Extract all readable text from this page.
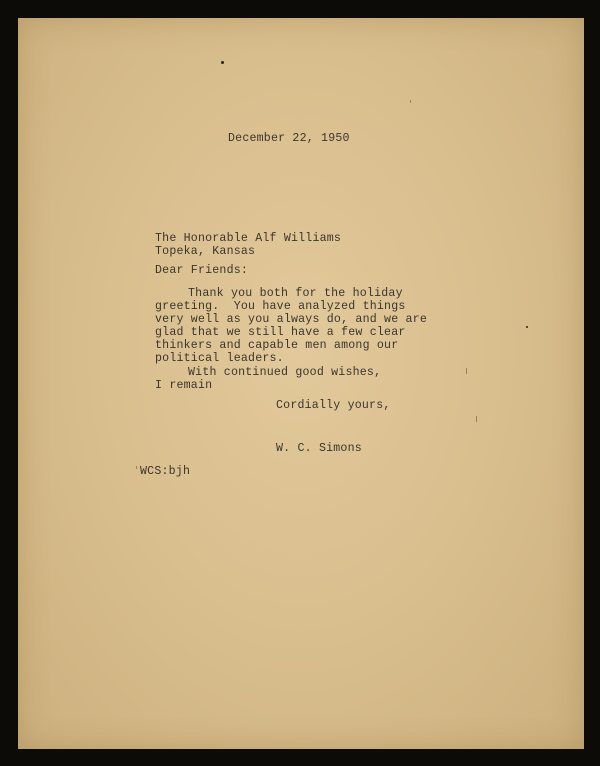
December 22, 1950
The Honorable Alf Williams
Topeka, Kansas
Dear Friends:
Thank you both for the holiday
greeting.  You have analyzed things
very well as you always do, and we are
glad that we still have a few clear
thinkers and capable men among our
political leaders.
With continued good wishes,
I remain
Cordially yours,
W. C. Simons
WCS:bjh
